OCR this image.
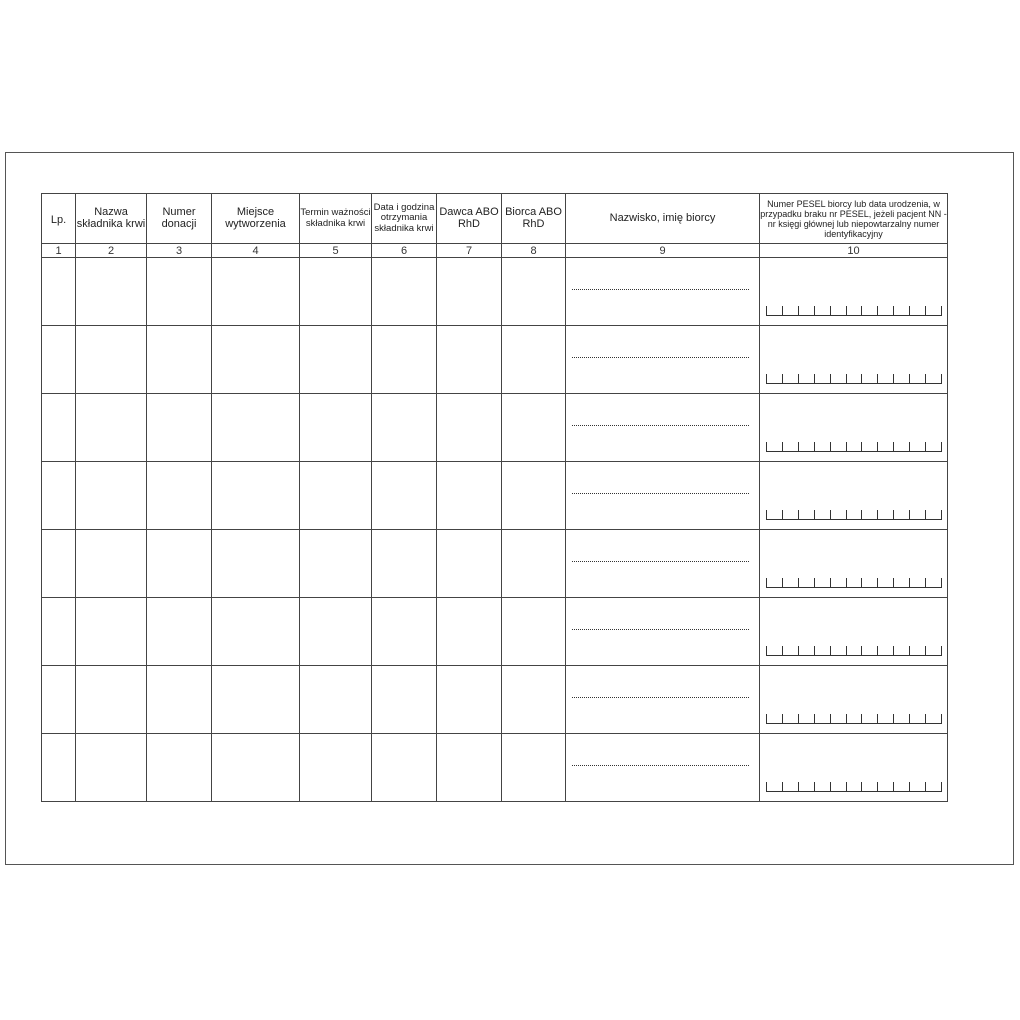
Lp.	Nazwa składnika krwi	Numer donacji	Miejsce wytworzenia	Termin ważności składnika krwi	Data i godzina otrzymania składnika krwi	Dawca ABO RhD	Biorca ABO RhD	Nazwisko, imię biorcy	Numer PESEL biorcy lub data urodzenia, w przypadku braku nr PESEL, jeżeli pacjent NN - nr księgi głównej lub niepowtarzalny numer identyfikacyjny
1	2	3	4	5	6	7	8	9	10
